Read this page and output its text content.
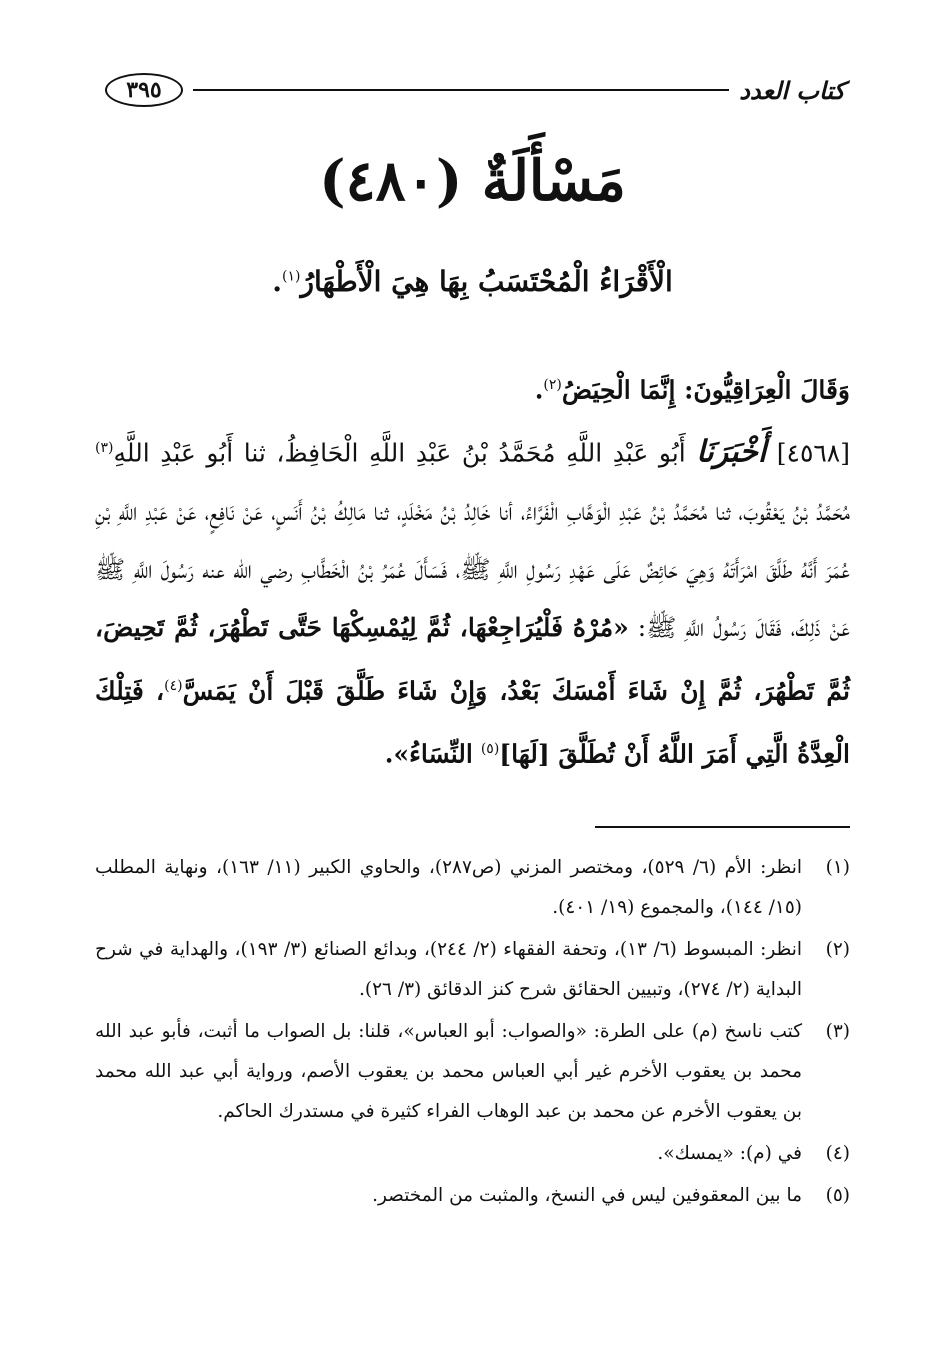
كتاب العدد
٣٩٥
مَسْأَلَةٌ (٤٨٠)
الْأَقْرَاءُ الْمُحْتَسَبُ بِهَا هِيَ الْأَطْهَارُ$^{(١)}$.

وَقَالَ الْعِرَاقِيُّونَ: إِنَّمَا الْحِيَضُ$^{(٢)}$.

[٤٥٦٨] أَخْبَرَنَا أَبُو عَبْدِ اللَّهِ مُحَمَّدُ بْنُ عَبْدِ اللَّهِ الْحَافِظُ، ثنا أَبُو عَبْدِ اللَّهِ$^{(٣)}$ مُحَمَّدُ بْنُ يَعْقُوبَ، ثنا مُحَمَّدُ بْنُ عَبْدِ الْوَهَّابِ الْفَرَّاءُ، أنا خَالِدُ بْنُ مَخْلَدٍ، ثنا مَالِكُ بْنُ أَنَسٍ، عَنْ نَافِعٍ، عَنْ عَبْدِ اللَّهِ بْنِ عُمَرَ أَنَّهُ طَلَّقَ امْرَأَتَهُ وَهِيَ حَائِضٌ عَلَى عَهْدِ رَسُولِ اللَّهِ ﷺ، فَسَأَلَ عُمَرُ بْنُ الْخَطَّابِ رضي الله عنه رَسُولَ اللَّهِ ﷺ عَنْ ذَلِكَ، فَقَالَ رَسُولُ اللَّهِ ﷺ: «مُرْهُ فَلْيُرَاجِعْهَا، ثُمَّ لِيُمْسِكْهَا حَتَّى تَطْهُرَ، ثُمَّ تَحِيضَ، ثُمَّ تَطْهُرَ، ثُمَّ إِنْ شَاءَ أَمْسَكَ بَعْدُ، وَإِنْ شَاءَ طَلَّقَ قَبْلَ أَنْ يَمَسَّ$^{(٤)}$، فَتِلْكَ الْعِدَّةُ الَّتِي أَمَرَ اللَّهُ أَنْ تُطَلَّقَ [لَهَا]$^{(٥)}$ النِّسَاءُ».

(١)
انظر: الأم (٦/ ٥٢٩)، ومختصر المزني (ص٢٨٧)، والحاوي الكبير (١١/ ١٦٣)، ونهاية المطلب (١٥/ ١٤٤)، والمجموع (١٩/ ٤٠١).
(٢)
انظر: المبسوط (٦/ ١٣)، وتحفة الفقهاء (٢/ ٢٤٤)، وبدائع الصنائع (٣/ ١٩٣)، والهداية في شرح البداية (٢/ ٢٧٤)، وتبيين الحقائق شرح كنز الدقائق (٣/ ٢٦).
(٣)
كتب ناسخ (م) على الطرة: «والصواب: أبو العباس»، قلنا: بل الصواب ما أثبت، فأبو عبد الله محمد بن يعقوب الأخرم غير أبي العباس محمد بن يعقوب الأصم، ورواية أبي عبد الله محمد بن يعقوب الأخرم عن محمد بن عبد الوهاب الفراء كثيرة في مستدرك الحاكم.
(٤)
في (م): «يمسك».
(٥)
ما بين المعقوفين ليس في النسخ، والمثبت من المختصر.
